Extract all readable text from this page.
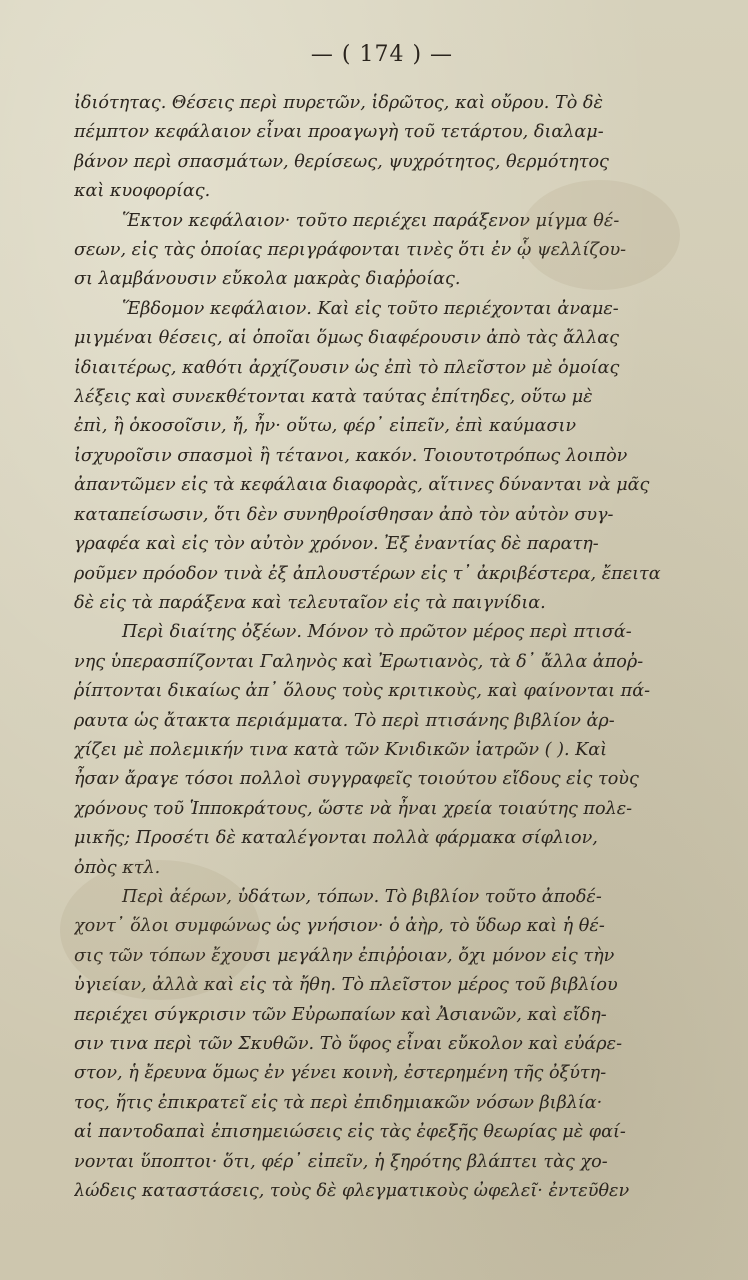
— ( 174 ) —
ἰδιότητας. Θέσεις περὶ πυρετῶν, ἱδρῶτος, καὶ οὔρου. Τὸ δὲ
πέμπτον κεφάλαιον εἶναι προαγωγὴ τοῦ τετάρτου, διαλαμ-
βάνον περὶ σπασμάτων, θερίσεως, ψυχρότητος, θερμότητος
καὶ κυοφορίας.
Ἕκτον κεφάλαιον· τοῦτο περιέχει παράξενον μίγμα θέ-
σεων, εἰς τὰς ὁποίας περιγράφονται τινὲς ὅτι ἐν ᾧ ψελλίζου-
σι λαμβάνουσιν εὔκολα μακρὰς διαῤῥοίας.
Ἕβδομον κεφάλαιον. Καὶ εἰς τοῦτο περιέχονται ἀναμε-
μιγμέναι θέσεις, αἱ ὁποῖαι ὅμως διαφέρουσιν ἀπὸ τὰς ἄλλας
ἰδιαιτέρως, καθότι ἀρχίζουσιν ὡς ἐπὶ τὸ πλεῖστον μὲ ὁμοίας
λέξεις καὶ συνεκθέτονται κατὰ ταύτας ἐπίτηδες, οὕτω μὲ
ἐπὶ, ἢ ὁκοσοῖσιν, ἤ, ἦν· οὕτω, φέρ᾽ εἰπεῖν, ἐπὶ καύμασιν
ἰσχυροῖσιν σπασμοὶ ἢ τέτανοι, κακόν. Τοιουτοτρόπως λοιπὸν
ἀπαντῶμεν εἰς τὰ κεφάλαια διαφορὰς, αἵτινες δύνανται νὰ μᾶς
καταπείσωσιν, ὅτι δὲν συνηθροίσθησαν ἀπὸ τὸν αὐτὸν συγ-
γραφέα καὶ εἰς τὸν αὐτὸν χρόνον. Ἐξ ἐναντίας δὲ παρατη-
ροῦμεν πρόοδον τινὰ ἐξ ἀπλουστέρων εἰς τ᾽ ἀκριβέστερα, ἔπειτα
δὲ εἰς τὰ παράξενα καὶ τελευταῖον εἰς τὰ παιγνίδια.
Περὶ διαίτης ὀξέων. Μόνον τὸ πρῶτον μέρος περὶ πτισά-
νης ὑπερασπίζονται Γαληνὸς καὶ Ἐρωτιανὸς, τὰ δ᾽ ἄλλα ἀποῤ-
ῥίπτονται δικαίως ἀπ᾽ ὅλους τοὺς κριτικοὺς, καὶ φαίνονται πά-
ραυτα ὡς ἄτακτα περιάμματα. Τὸ περὶ πτισάνης βιβλίον ἀρ-
χίζει μὲ πολεμικήν τινα κατὰ τῶν Κνιδικῶν ἰατρῶν ( ). Καὶ
ἦσαν ἄραγε τόσοι πολλοὶ συγγραφεῖς τοιούτου εἴδους εἰς τοὺς
χρόνους τοῦ Ἱπποκράτους, ὥστε νὰ ἦναι χρεία τοιαύτης πολε-
μικῆς; Προσέτι δὲ καταλέγονται πολλὰ φάρμακα σίφλιον,
ὀπὸς κτλ.
Περὶ ἀέρων, ὑδάτων, τόπων. Τὸ βιβλίον τοῦτο ἀποδέ-
χοντ᾽ ὅλοι συμφώνως ὡς γνήσιον· ὁ ἀὴρ, τὸ ὕδωρ καὶ ἡ θέ-
σις τῶν τόπων ἔχουσι μεγάλην ἐπιῤῥοιαν, ὄχι μόνον εἰς τὴν
ὑγιείαν, ἀλλὰ καὶ εἰς τὰ ἤθη. Τὸ πλεῖστον μέρος τοῦ βιβλίου
περιέχει σύγκρισιν τῶν Εὐρωπαίων καὶ Ἀσιανῶν, καὶ εἴδη-
σιν τινα περὶ τῶν Σκυθῶν. Τὸ ὕφος εἶναι εὔκολον καὶ εὐάρε-
στον, ἡ ἔρευνα ὅμως ἐν γένει κοινὴ, ἐστερημένη τῆς ὀξύτη-
τος, ἥτις ἐπικρατεῖ εἰς τὰ περὶ ἐπιδημιακῶν νόσων βιβλία·
αἱ παντοδαπαὶ ἐπισημειώσεις εἰς τὰς ἐφεξῆς θεωρίας μὲ φαί-
νονται ὕποπτοι· ὅτι, φέρ᾽ εἰπεῖν, ἡ ξηρότης βλάπτει τὰς χο-
λώδεις καταστάσεις, τοὺς δὲ φλεγματικοὺς ὠφελεῖ· ἐντεῦθεν
